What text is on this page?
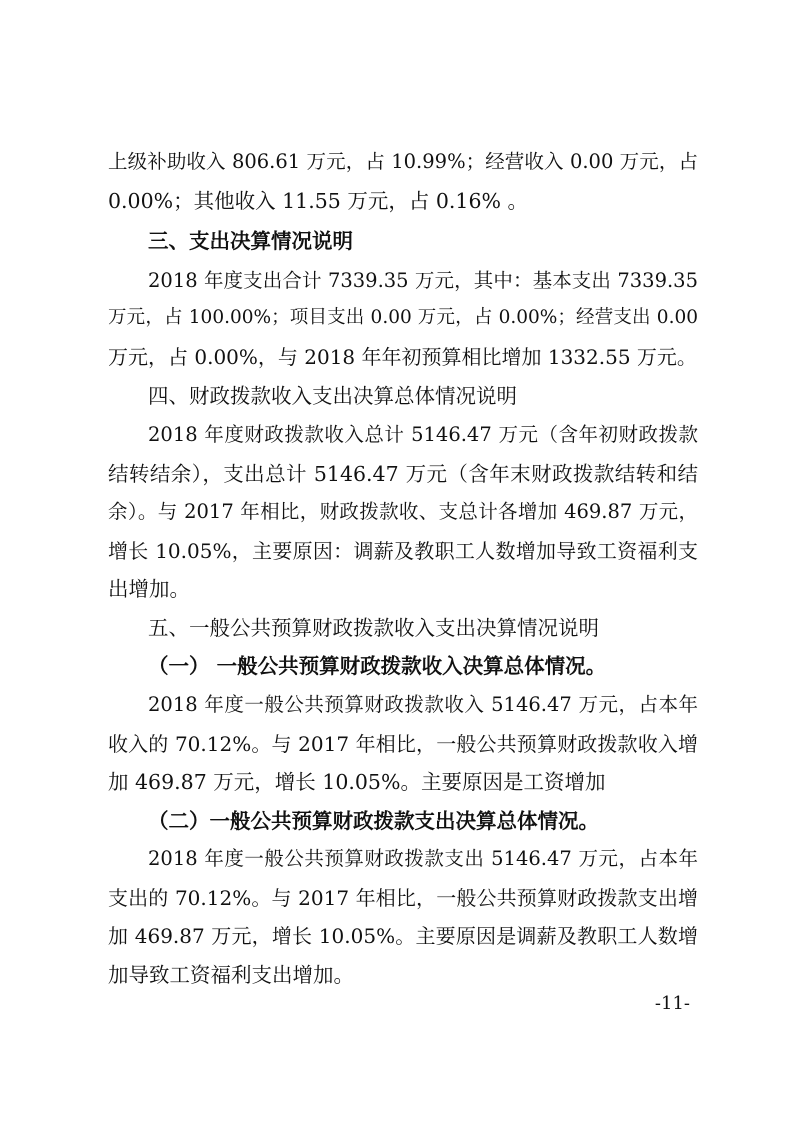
上级补助收入 806.61 万元，占 10.99%；经营收入 0.00 万元，占
0.00%；其他收入 11.55 万元，占 0.16% 。
三、支出决算情况说明
2018 年度支出合计 7339.35 万元，其中：基本支出 7339.35
万元，占 100.00%；项目支出 0.00 万元，占 0.00%；经营支出 0.00
万元，占 0.00%，与 2018 年年初预算相比增加 1332.55 万元。
四、财政拨款收入支出决算总体情况说明
2018 年度财政拨款收入总计 5146.47 万元（含年初财政拨款
结转结余），支出总计 5146.47 万元（含年末财政拨款结转和结
余）。与 2017 年相比，财政拨款收、支总计各增加 469.87 万元，
增长 10.05%，主要原因：调薪及教职工人数增加导致工资福利支
出增加。
五、一般公共预算财政拨款收入支出决算情况说明
（一） 一般公共预算财政拨款收入决算总体情况。
2018 年度一般公共预算财政拨款收入 5146.47 万元，占本年
收入的 70.12%。与 2017 年相比，一般公共预算财政拨款收入增
加 469.87 万元，增长 10.05%。主要原因是工资增加
（二）一般公共预算财政拨款支出决算总体情况。
2018 年度一般公共预算财政拨款支出 5146.47 万元，占本年
支出的 70.12%。与 2017 年相比，一般公共预算财政拨款支出增
加 469.87 万元，增长 10.05%。主要原因是调薪及教职工人数增
加导致工资福利支出增加。
-11-
